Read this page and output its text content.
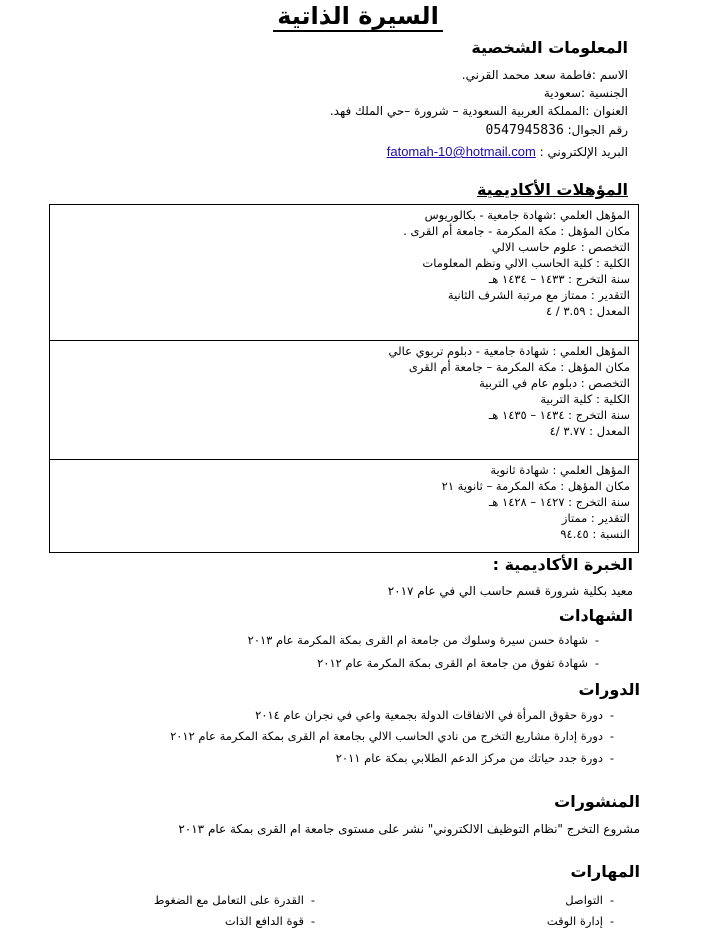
السيرة الذاتية
المعلومات الشخصية
الاسم :فاطمة سعد محمد القرني.
الجنسية :سعودية
العنوان :المملكة العربية السعودية – شرورة –حي الملك فهد.
رقم الجوال: 0547945836
البريد الإلكتروني : fatomah-10@hotmail.com
المؤهلات الأكاديمية
المؤهل العلمي :شهادة جامعية - بكالوريوس
مكان المؤهل : مكة المكرمة - جامعة أم القرى .
التخصص : علوم حاسب الالي
الكلية : كلية الحاسب الالي ونظم المعلومات
سنة التخرج : ١٤٣٣ – ١٤٣٤ هـ
التقدير : ممتاز مع مرتبة الشرف الثانية
المعدل : ٣.٥٩ / ٤

المؤهل العلمي : شهادة جامعية - دبلوم تربوي عالي
مكان المؤهل : مكة المكرمة – جامعة أم القرى
التخصص : دبلوم عام في التربية
الكلية : كلية التربية
سنة التخرج : ١٤٣٤ – ١٤٣٥ هـ
المعدل : ٣.٧٧ /٤

المؤهل العلمي : شهادة ثانوية
مكان المؤهل : مكة المكرمة – ثانوية ٢١
سنة التخرج : ١٤٢٧ – ١٤٢٨ هـ
التقدير : ممتاز
النسبة : ٩٤.٤٥
الخبرة الأكاديمية :
معيد بكلية شرورة قسم حاسب الي في عام ٢٠١٧
الشهادات
-شهادة حسن سيرة وسلوك من جامعة ام القرى بمكة المكرمة عام ٢٠١٣
-شهادة تفوق من جامعة ام القرى بمكة المكرمة عام ٢٠١٢
الدورات
-دورة حقوق المرأة في الاتفاقات الدولة بجمعية واعي في نجران عام ٢٠١٤
-دورة إدارة مشاريع التخرج من نادي الحاسب الالي بجامعة ام القرى بمكة المكرمة عام ٢٠١٢
-دورة جدد حياتك من مركز الدعم الطلابي بمكة عام ٢٠١١
المنشورات
مشروع التخرج "نظام التوظيف الالكتروني" نشر على مستوى جامعة ام القرى بمكة عام ٢٠١٣
المهارات
-التواصل
-إدارة الوقت
-القدرة على التعامل مع الضغوط
-قوة الدافع الذات
